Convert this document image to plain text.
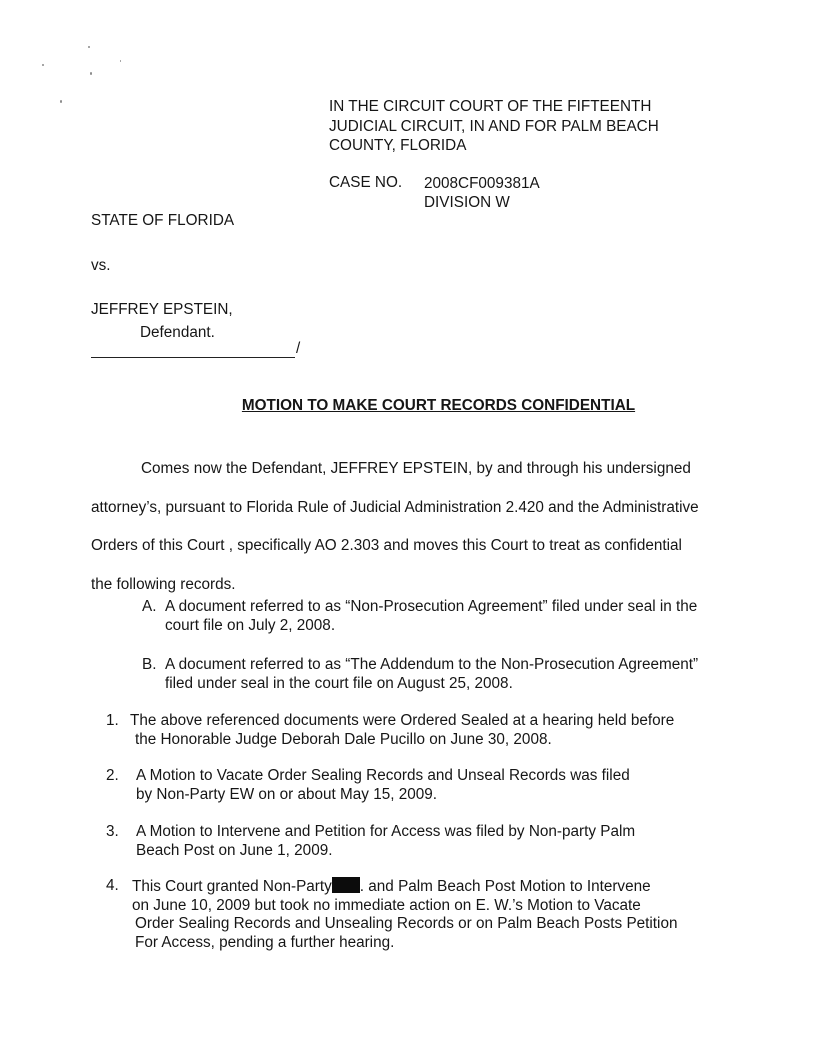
IN THE CIRCUIT COURT OF THE FIFTEENTH
JUDICIAL CIRCUIT, IN AND FOR PALM BEACH
COUNTY, FLORIDA
CASE NO. 2008CF009381A
DIVISION W
STATE OF FLORIDA
vs.
JEFFREY EPSTEIN,
Defendant.
/
MOTION TO MAKE COURT RECORDS CONFIDENTIAL
Comes now the Defendant, JEFFREY EPSTEIN, by and through his undersigned
attorney’s, pursuant to Florida Rule of Judicial Administration 2.420 and the Administrative
Orders of this Court , specifically AO 2.303 and moves this Court to treat as confidential
the following records.
A. A document referred to as “Non-Prosecution Agreement” filed under seal in the
court file on July 2, 2008.
B. A document referred to as “The Addendum to the Non-Prosecution Agreement”
filed under seal in the court file on August 25, 2008.
1. The above referenced documents were Ordered Sealed at a hearing held before
the Honorable Judge Deborah Dale Pucillo on June 30, 2008.
2. A Motion to Vacate Order Sealing Records and Unseal Records was filed
by Non-Party EW on or about May 15, 2009.
3. A Motion to Intervene and Petition for Access was filed by Non-party Palm
Beach Post on June 1, 2009.
4. This Court granted Non-Party . and Palm Beach Post Motion to Intervene
on June 10, 2009 but took no immediate action on E. W.’s Motion to Vacate
Order Sealing Records and Unsealing Records or on Palm Beach Posts Petition
For Access, pending a further hearing.
